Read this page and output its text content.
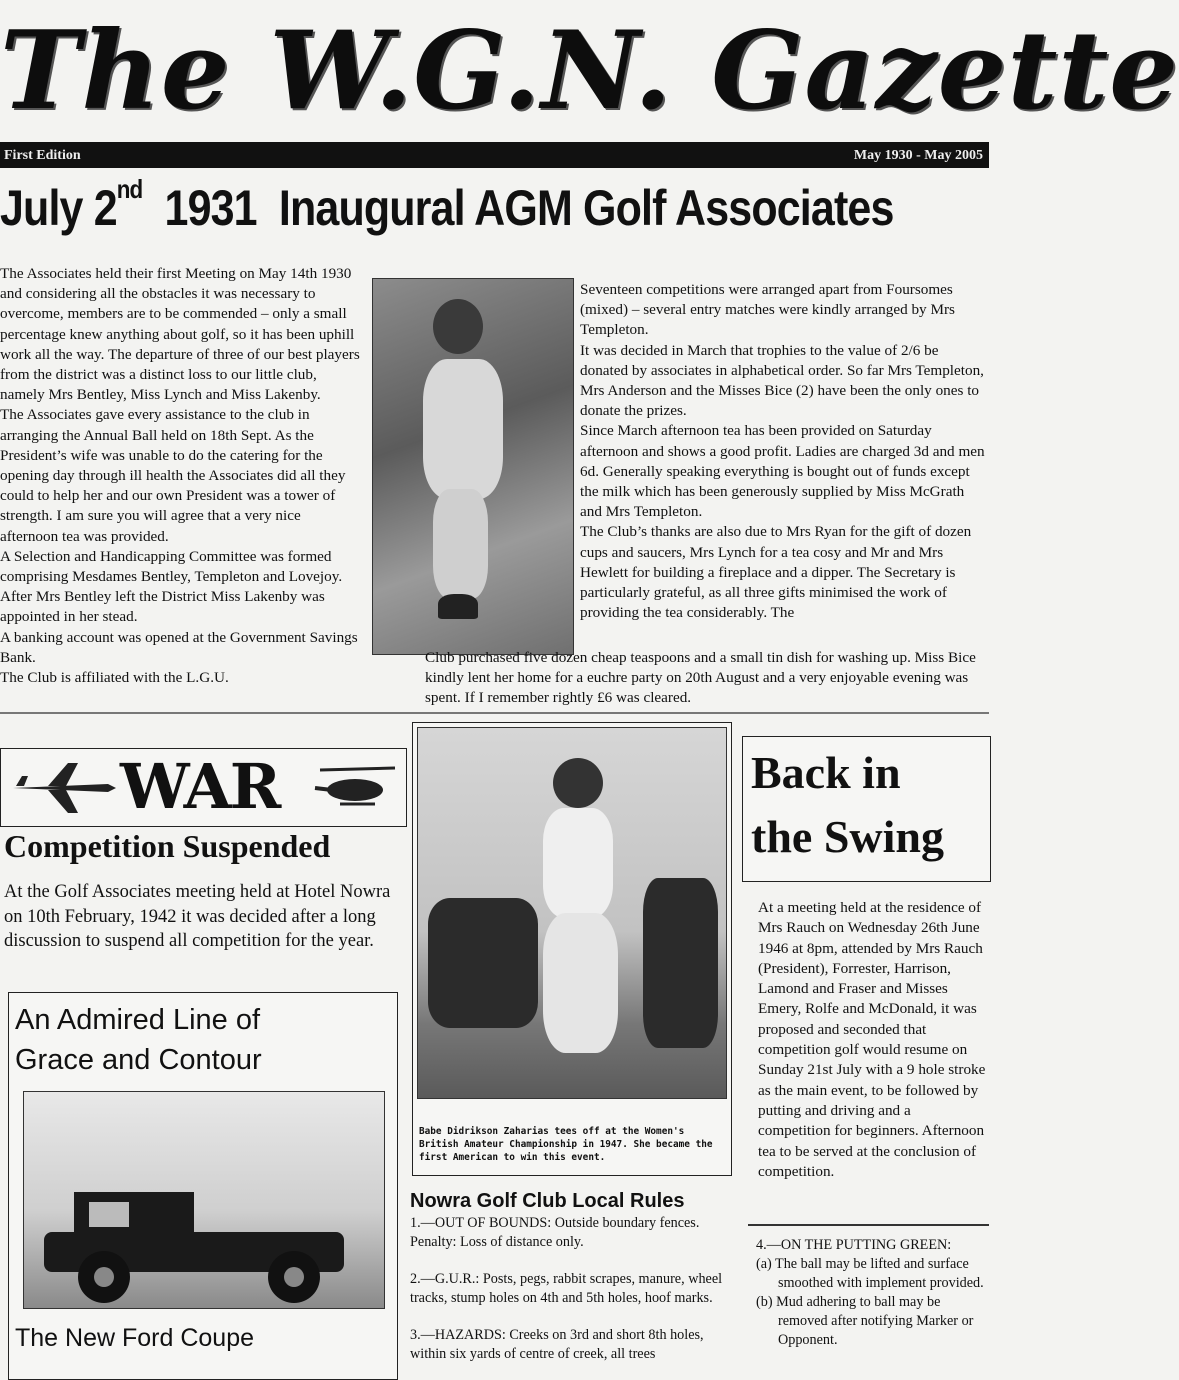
The W.G.N. Gazette
First Edition	May 1930 - May 2005
July 2nd  1931  Inaugural AGM Golf Associates

The Associates held their first Meeting on May 14th 1930 and considering all the obstacles it was necessary to overcome, members are to be commended – only a small percentage knew anything about golf, so it has been uphill work all the way. The departure of three of our best players from the district was a distinct loss to our little club, namely Mrs Bentley, Miss Lynch and Miss Lakenby.

The Associates gave every assistance to the club in arranging the Annual Ball held on 18th Sept. As the President’s wife was unable to do the catering for the opening day through ill health the Associates did all they could to help her and our own President was a tower of strength. I am sure you will agree that a very nice afternoon tea was provided.

A Selection and Handicapping Committee was formed comprising Mesdames Bentley, Templeton and Lovejoy. After Mrs Bentley left the District Miss Lakenby was appointed in her stead.

A banking account was opened at the Government Savings Bank.

The Club is affiliated with the L.G.U.

Seventeen competitions were arranged apart from Foursomes (mixed) – several entry matches were kindly arranged by Mrs Templeton.

It was decided in March that trophies to the value of 2/6 be donated by associates in alphabetical order. So far Mrs Templeton, Mrs Anderson and the Misses Bice (2) have been the only ones to donate the prizes.

Since March afternoon tea has been provided on Saturday afternoon and shows a good profit. Ladies are charged 3d and men 6d. Generally speaking everything is bought out of funds except the milk which has been generously supplied by Miss McGrath and Mrs Templeton.

The Club’s thanks are also due to Mrs Ryan for the gift of dozen cups and saucers, Mrs Lynch for a tea cosy and Mr and Mrs Hewlett for building a fireplace and a dipper. The Secretary is particularly grateful, as all three gifts minimised the work of providing the tea considerably. The

Club purchased five dozen cheap teaspoons and a small tin dish for washing up. Miss Bice kindly lent her home for a euchre party on 20th August and a very enjoyable evening was spent. If I remember rightly £6 was cleared.
WAR
Competition Suspended
At the Golf Associates meeting held at Hotel Nowra on 10th February, 1942 it was decided after a long discussion to suspend all competition for the year.
An Admired Line of
Grace and Contour
The New Ford Coupe
Babe Didrikson Zaharias tees off at the Women's British Amateur Championship in 1947. She became the first American to win this event.
Nowra Golf Club Local Rules

1.—OUT OF BOUNDS: Outside boundary fences. Penalty: Loss of distance only.

2.—G.U.R.: Posts, pegs, rabbit scrapes, manure, wheel tracks, stump holes on 4th and 5th holes, hoof marks.

3.—HAZARDS: Creeks on 3rd and short 8th holes, within six yards of centre of creek, all trees

Back in
the Swing
At a meeting held at the residence of Mrs Rauch on Wednesday 26th June 1946 at 8pm, attended by Mrs Rauch (President), Forrester, Harrison, Lamond and Fraser and Misses Emery, Rolfe and McDonald, it was proposed and seconded that competition golf would resume on Sunday 21st July with a 9 hole stroke as the main event, to be followed by putting and driving and a competition for beginners. Afternoon tea to be served at the conclusion of competition.
4.—ON THE PUTTING GREEN:
(a) The ball may be lifted and surface smoothed with implement provided.
(b) Mud adhering to ball may be removed after notifying Marker or Opponent.
